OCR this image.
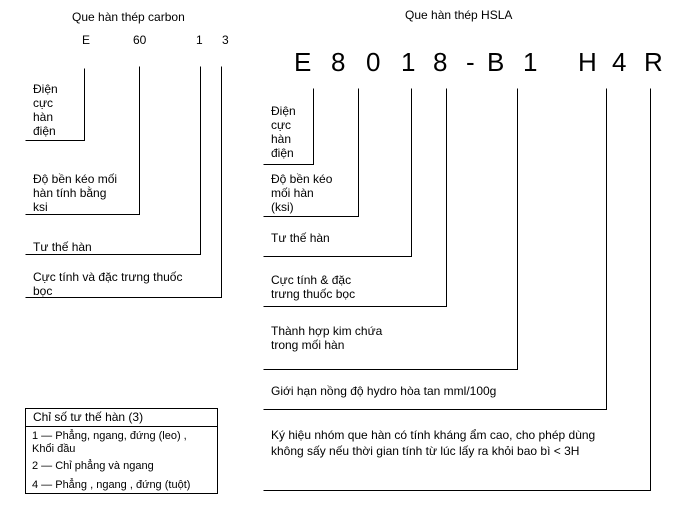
Que hàn thép carbon	Que hàn thép HSLA
E	60	1 3
E 8 0 1 8 - B 1 H 4 R
Điện
cực
hàn
điện
Độ bền kéo mối
hàn tính bằng
ksi
Tư thế hàn
Cực tính và đặc trưng thuốc
bọc
Điện
cực
hàn
điện
Độ bền kéo
mối hàn
(ksi)
Tư thế hàn
Cực tính & đặc
trưng thuốc bọc
Thành hợp kim chứa
trong mối hàn
Giới hạn nồng độ hydro hòa tan mml/100g
Ký hiệu nhóm que hàn có tính kháng ẩm cao, cho phép dùng
không sấy nếu thời gian tính từ lúc lấy ra khỏi bao bì < 3H
Chỉ số tư thế hàn (3)
1 — Phẳng, ngang, đứng (leo) ,
Khổi đầu
2 — Chỉ phẳng và ngang
4 — Phẳng , ngang , đứng (tuột)
